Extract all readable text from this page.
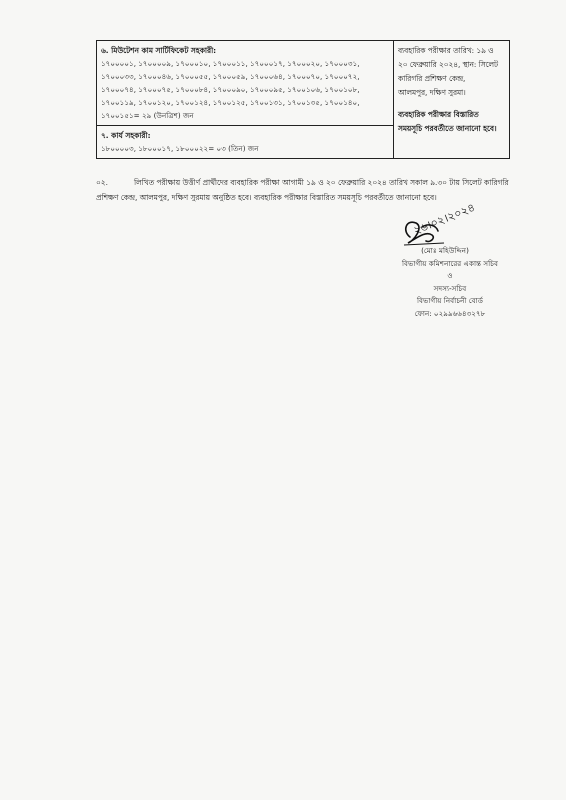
৬. মিউটেশন কাম সার্টিফিকেট সহকারী:
১৭০০০০১, ১৭০০০০৯, ১৭০০০১০, ১৭০০০১১, ১৭০০০১৭, ১৭০০০২০, ১৭০০০৩১,
১৭০০০৩৩, ১৭০০০৪৬, ১৭০০০৫৫, ১৭০০০৫৯, ১৭০০০৬৪, ১৭০০০৭০, ১৭০০০৭২,
১৭০০০৭৪, ১৭০০০৭৫, ১৭০০০৮৪, ১৭০০০৯০, ১৭০০০৯৫, ১৭০০১০৬, ১৭০০১০৮,
১৭০০১১৯, ১৭০০১২০, ১৭০০১২৪, ১৭০০১২৫, ১৭০০১৩১, ১৭০০১৩৫, ১৭০০১৪০,
১৭০০১৫১= ২৯ (উনত্রিশ) জন

ব্যবহারিক পরীক্ষার তারিখ: ১৯ ও
২০ ফেব্রুয়ারি ২০২৪, স্থান: সিলেট
কারিগরি প্রশিক্ষণ কেন্দ্র,
আলমপুর, দক্ষিণ সুরমা।
ব্যবহারিক পরীক্ষার বিস্তারিত
সময়সূচি পরবর্তীতে জানানো হবে।

৭. কার্য সহকারী:
১৮০০০০৩, ১৮০০০১৭, ১৮০০০২২= ০৩ (তিন) জন
০২.	লিখিত পরীক্ষায় উত্তীর্ণ প্রার্থীদের ব্যবহারিক পরীক্ষা আগামী ১৯ ও ২০ ফেব্রুয়ারি ২০২৪ তারিখ সকাল ৯.৩০ টায় সিলেট কারিগরি প্রশিক্ষণ কেন্দ্র, আলমপুর, দক্ষিণ সুরমায় অনুষ্ঠিত হবে। ব্যবহারিক পরীক্ষার বিস্তারিত সময়সূচি পরবর্তীতে জানানো হবে।

২৬।০২।২০২৪
(মোঃ মহিউদ্দিন)
বিভাগীয় কমিশনারের একান্ত সচিব
ও
সদস্য-সচিব
বিভাগীয় নির্বাচনী বোর্ড
ফোন: ০২৯৯৬৬৪৩২৭৮
